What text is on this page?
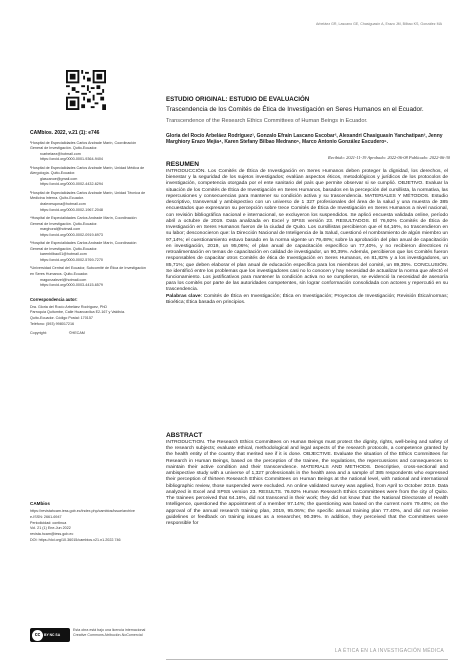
Arbeláez GR, Lascano GE, Chasiguasín A, Erazo JM, Bilbao KS, González MA
CAMbios. 2022, v.21 (1): e746
¹Hospital de Especialidades Carlos Andrade Marín, Coordinación General de Investigación. Quito-Ecuador.
rcarbelaez@hotmail.com
https://orcid.org/0000-0001-9364-9404
²Hospital de Especialidades Carlos Andrade Marín, Unidad Médica de Alergología. Quito-Ecuador.
glascanoe@gmail.com
https://orcid.org/0000-0002-4432-6294
³Hospital de Especialidades Carlos Andrade Marín, Unidad Técnica de Medicina Interna. Quito-Ecuador.
dralexesqona@hotmail.com
https://orcid.org/0000-0002-1967-2048
⁴Hospital de Especialidades Carlos Andrade Marín, Coordinación General de Investigación. Quito-Ecuador.
marghoral@hotmail.com
https://orcid.org/0000-0002-0919-6973
⁵Hospital de Especialidades Carlos Andrade Marín, Coordinación General de Investigación. Quito-Ecuador.
karenbilbao01@hotmail.com
https://orcid.org/0000-0002-5769-7270
⁶Universidad Central del Ecuador, Subcomité de Ética de Investigación en Seres Humanos. Quito-Ecuador.
magonzalezel@hotmail.com
https://orcid.org/0000-0003-4415-6579
Correspondencia autor:
Dra. Gloria del Rocío Arbeláez Rodríguez, PhD
Parroquia Quitumbe, Calle Huancavilca E2-167 y Valdivia.
Quito-Ecuador. Código Postal: 170157
Teléfono: (593) 998017216
Copyright:	©HECAM
CAMbios
https://revistahcam.iess.gob.ec/index.php/cambios/issue/archive
e-ISSN: 2661-6947
Periodicidad: continua
Vol. 21 (1) Ene-Jun 2022
revista.hcam@iess.gob.ec
DOI: https://doi.org/10.36015/cambios.v21.n1.2022.746
cc	BY NC SA
Esta obra está bajo una licencia internacional Creative Commons Atribución-NoComercial
ESTUDIO ORIGINAL: ESTUDIO DE EVALUACIÓN
Trascendencia de los Comités de Ética de Investigación en Seres Humanos en el Ecuador.
Transcendence of the Research Ethics Committees of Human Beings in Ecuador.
Gloria del Rocío Arbeláez Rodríguez¹, Gonzalo Efraín Lascano Escobar², Alexandri Chasiguasín Yanchatipan³, Jenny Marghiory Erazo Mejía⁴, Karen Stefany Bilbao Medrano⁵, Marco Antonio González Escudero⁶.
Recibido: 2021-11-19 Aprobado: 2022-06-08 Publicado: 2022-06-30
RESUMEN
INTRODUCCIÓN. Los Comités de Ética de Investigación en Seres Humanos deben proteger la dignidad, los derechos, el bienestar y la seguridad de los sujetos investigados; evalúan aspectos éticos, metodológicos y jurídicos de los protocolos de investigación, competencia otorgada por el ente sanitario del país que permite observar si se cumplió. OBJETIVO. Evaluar la situación de los Comités de Ética de Investigación en Seres Humanos, basados en la percepción del cursillista, la normativa, las repercusiones y consecuencias para mantener su condición activa y su trascendencia. MATERIALES Y MÉTODOS. Estudio descriptivo, transversal y ambispectivo con un universo de 1 327 profesionales del área de la salud y una muestra de 385 encuestados que expresaron su percepción sobre trece Comités de Ética de Investigación en Seres Humanos a nivel nacional, con revisión bibliográfica nacional e internacional, se excluyeron los suspendidos. Se aplicó encuesta validada online, período abril a octubre de 2019. Data analizada en Excel y SPSS versión 23. RESULTADOS. El 76,92% Comités de Ética de Investigación en Seres Humanos fueron de la ciudad de Quito. Los cursillistas percibieron que el 64,16%, no trascendieron en su labor; desconocieron que: la Dirección Nacional de Inteligencia de la Salud, cuestionó el nombramiento de algún miembro un 97,14%; el cuestionamiento estuvo basado en la norma vigente un 79,48%; sobre la aprobación del plan anual de capacitación en investigación, 2019, un 95,06%; el plan anual de capacitación específico un 77,40%, y no recibieron directrices ni retroalimentación en temas de capacitación en calidad de investigador, un 90,39%. Además, percibieron que los Comités fueron responsables de capacitar otros Comités de ética de Investigación en Seres Humanos, en 81,82% y a los investigadores, un 85,71%; que deben elaborar el plan anual de educación específica para los miembros del comité, un 89,35%. CONCLUSIÓN. Se identificó entre los problemas que los investigadores casi no lo conocen y hay necesidad de actualizar la norma que afectó el funcionamiento. Los justificativos para mantener la condición activa no se cumplieron, se evidenció la necesidad de asesoría para los comités por parte de las autoridades competentes, sin lograr conformación consolidada con actores y repercutió en su trascendencia.
Palabras clave: Comités de Ética en Investigación; Ética en Investigación; Proyectos de Investigación; Revisión Ética/normas; Bioética; Ética basada en principios.
ABSTRACT
INTRODUCTION. The Research Ethics Committees on Human Beings must protect the dignity, rights, well-being and safety of the research subjects; evaluate ethical, methodological and legal aspects of the research protocols, a competence granted by the health entity of the country that merited see if it is done. OBJECTIVE. Evaluate the situation of the Ethics Committees for Research in Human Beings, based on the perception of the trainee, the regulations, the repercussions and consequences to maintain their active condition and their transcendence. MATERIALS AND METHODS. Descriptive, cross-sectional and ambispective study with a universe of 1,327 professionals in the health area and a sample of 385 respondents who expressed their perception of thirteen Research Ethics Committees on Human Beings at the national level, with national and international bibliographic review, those suspended were excluded. An online validated survey was applied, from April to October 2019. Data analyzed in Excel and SPSS version 23. RESULTS. 76.92% Human Research Ethics Committees were from the city of Quito. The trainees perceived that 64.16%, did not transcend in their work; they did not know that: the National Directorate of Health Intelligence, questioned the appointment of a member 97.14%; the questioning was based on the current norm 79.48%; on the approval of the annual research training plan, 2019, 95.06%; the specific annual training plan 77.40%, and did not receive guidelines or feedback on training issues as a researcher, 90.39%. In addition, they perceived that the Committees were responsible for
LA ÉTICA EN LA INVESTIGACIÓN MÉDICA
